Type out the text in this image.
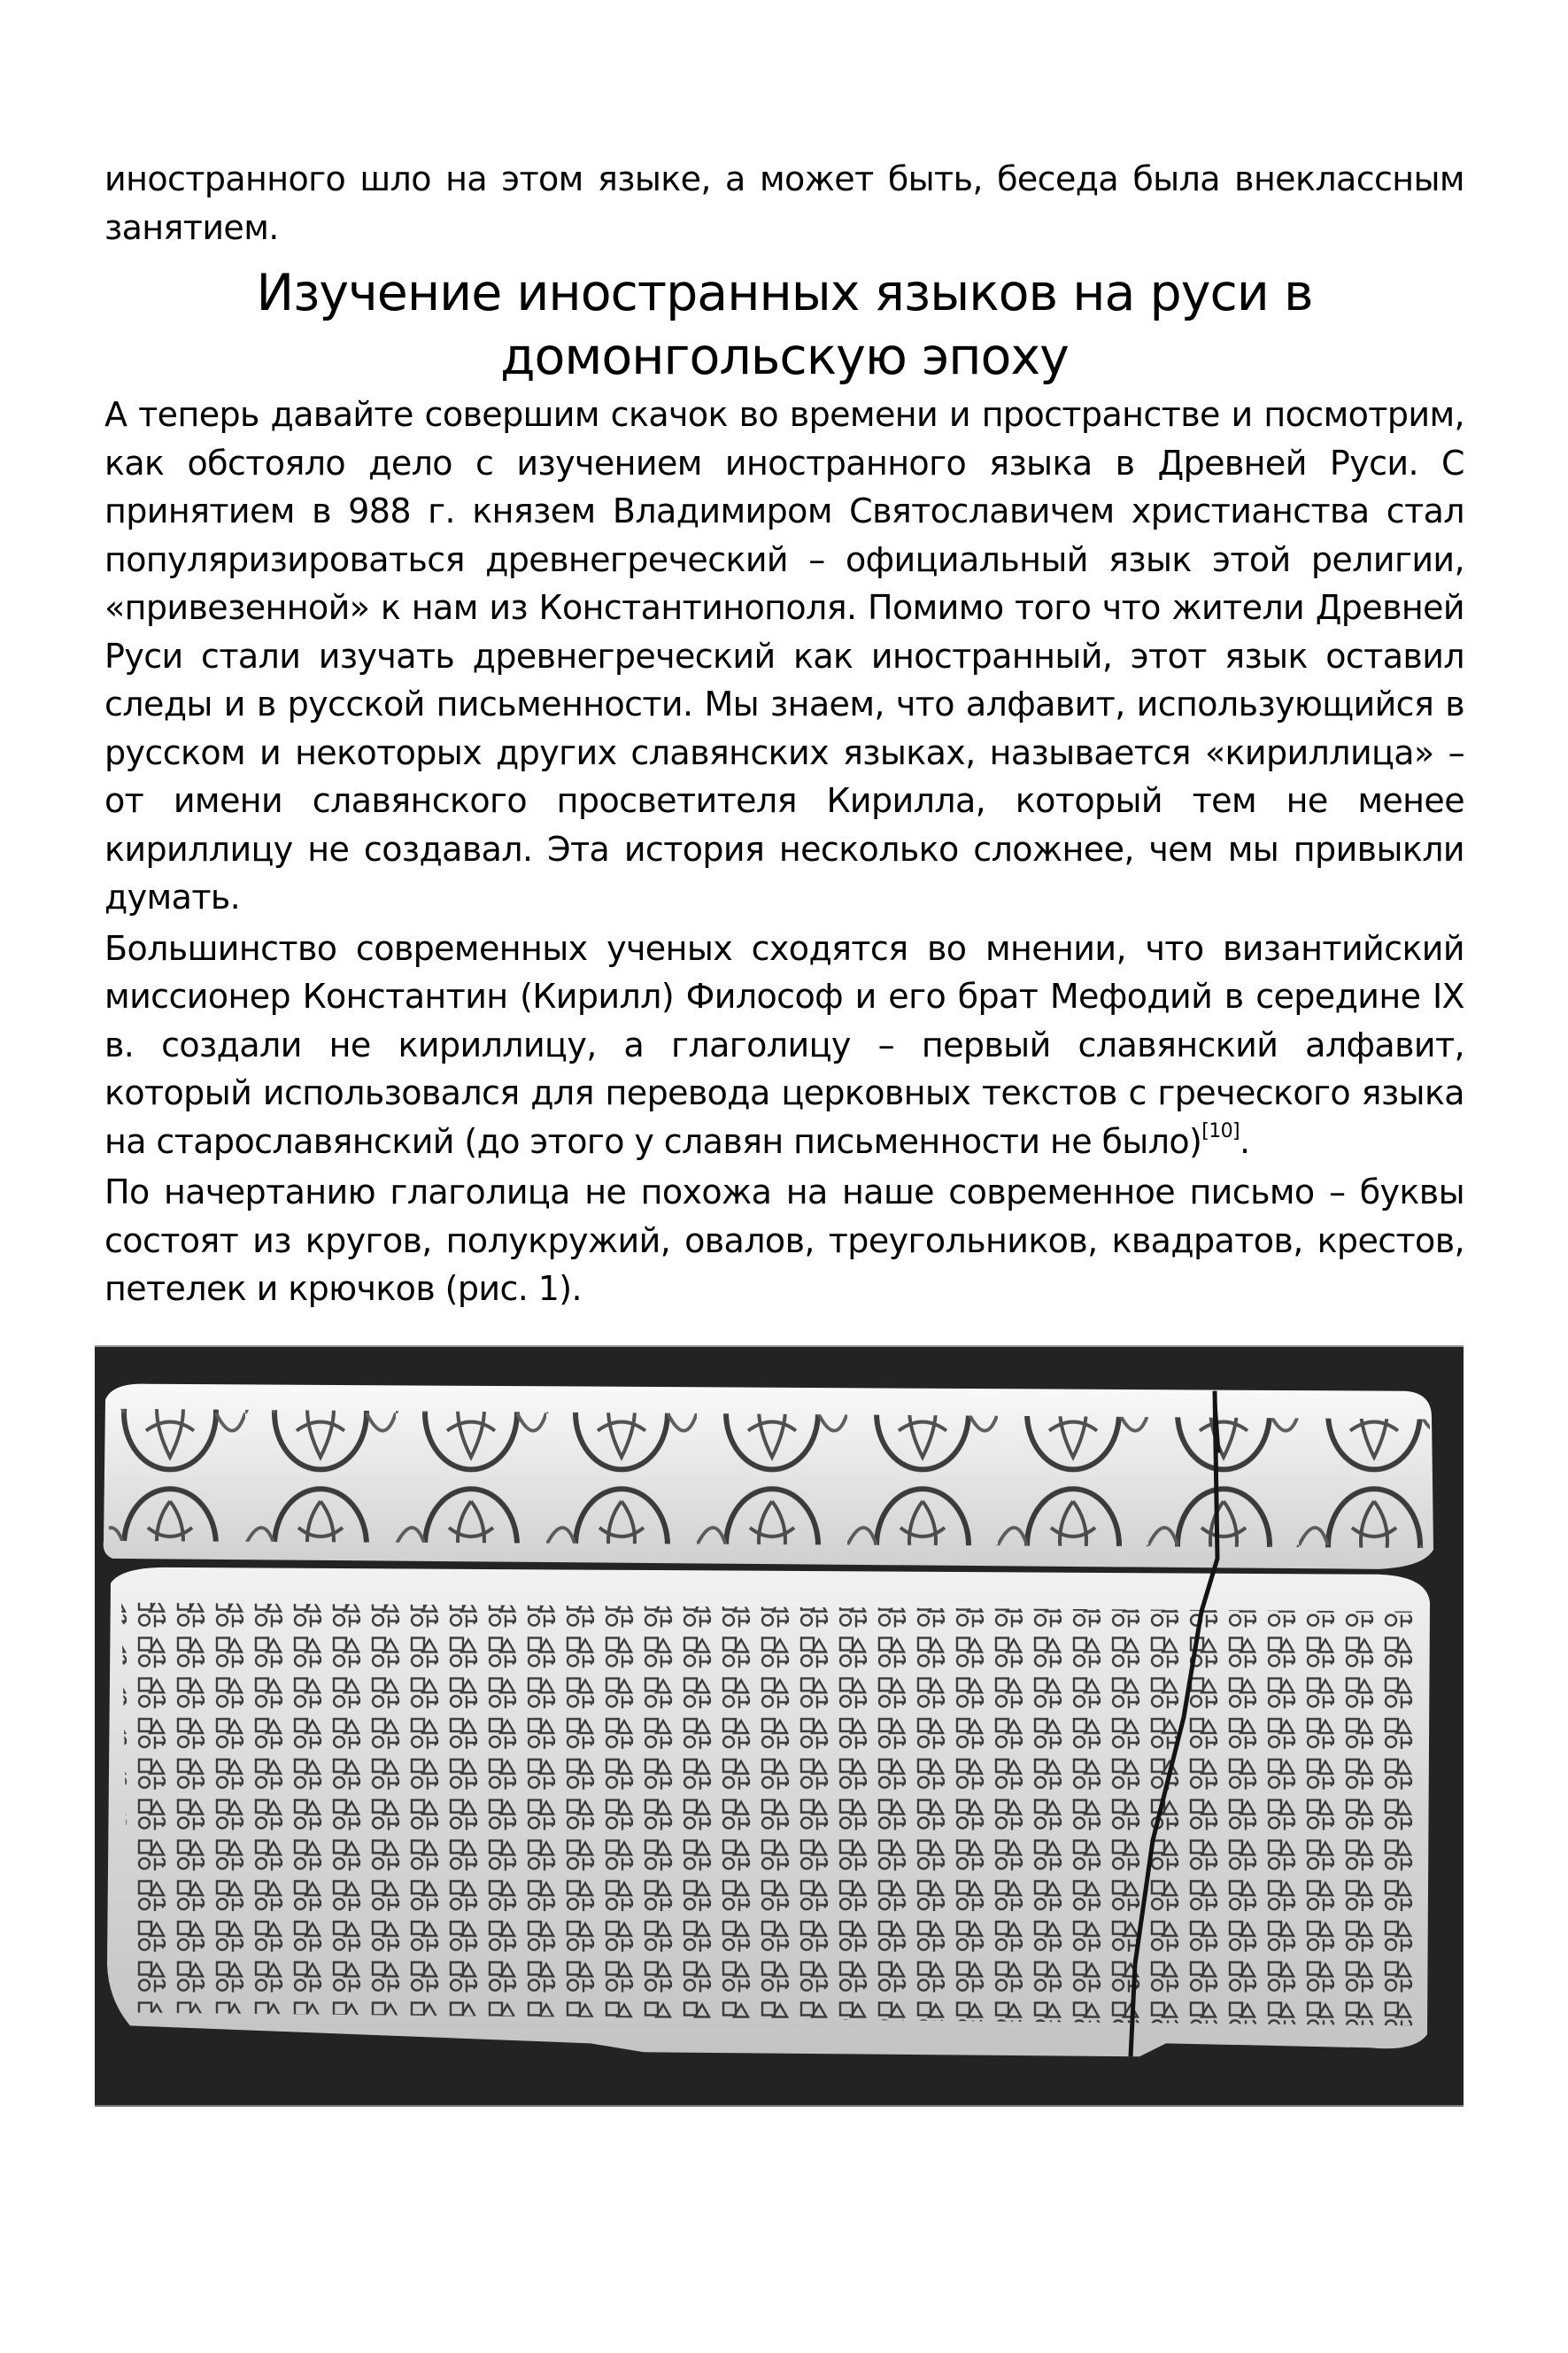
иностранного шло на этом языке, а может быть, беседа была внеклассным занятием.

Изучение иностранных языков на руси в
домонгольскую эпоху

А теперь давайте совершим скачок во времени и пространстве и посмотрим, как обстояло дело с изучением иностранного языка в Древней Руси. С принятием в 988 г. князем Владимиром Святославичем христианства стал популяризироваться древнегреческий – официальный язык этой религии, «привезенной» к нам из Константинополя. Помимо того что жители Древней Руси стали изучать древнегреческий как иностранный, этот язык оставил следы и в русской письменности. Мы знаем, что алфавит, использующийся в русском и некоторых других славянских языках, называется «кириллица» – от имени славянского просветителя Кирилла, который тем не менее кириллицу не создавал. Эта история несколько сложнее, чем мы привыкли думать.

Большинство современных ученых сходятся во мнении, что византийский миссионер Константин (Кирилл) Философ и его брат Мефодий в середине IX в. создали не кириллицу, а глаголицу – первый славянский алфавит, который использовался для перевода церковных текстов с греческого языка на старославянский (до этого у славян письменности не было)[10].

По начертанию глаголица не похожа на наше современное письмо – буквы состоят из кругов, полукружий, овалов, треугольников, квадратов, крестов, петелек и крючков (рис. 1).
